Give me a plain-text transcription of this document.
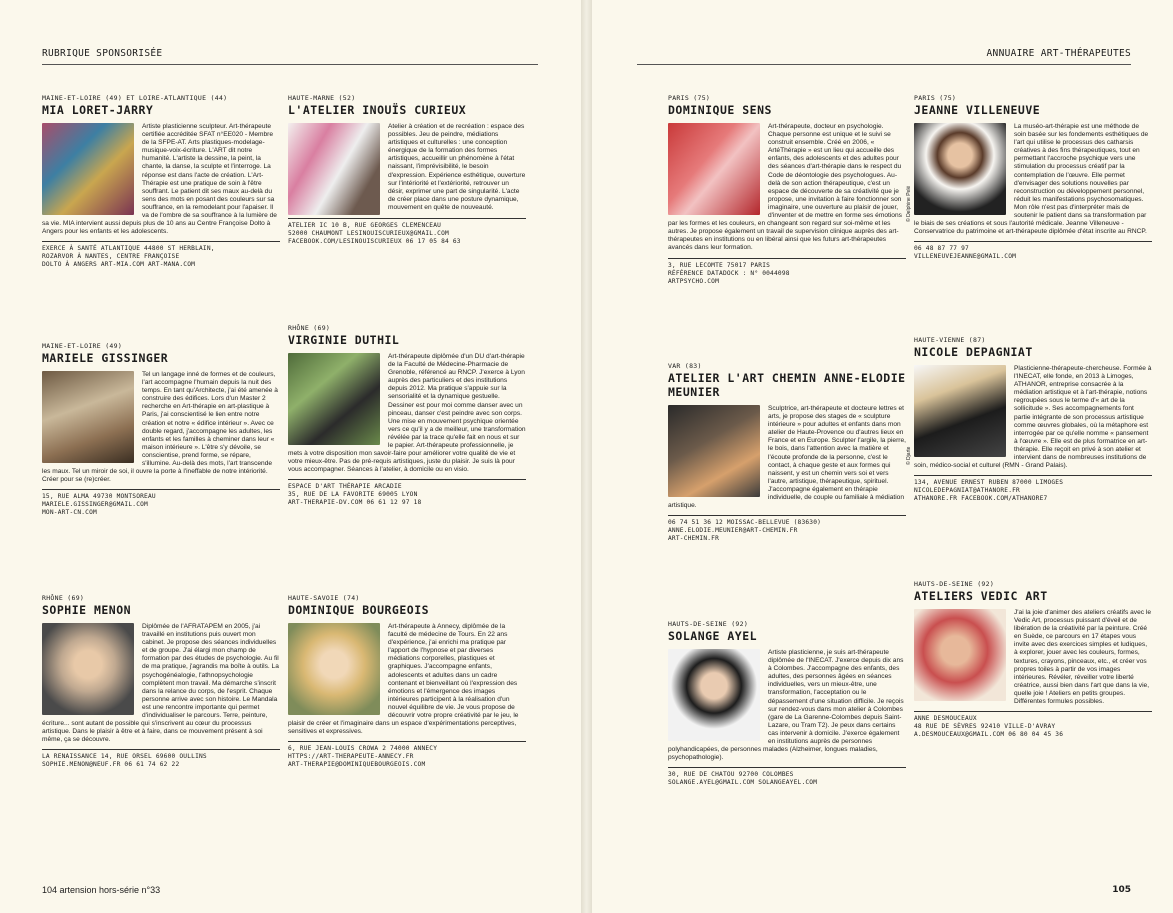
RUBRIQUE SPONSORISÉE
MAINE-ET-LOIRE (49) ET LOIRE-ATLANTIQUE (44)
MIA LORET-JARRY
Artiste plasticienne sculpteur. Art-thérapeute certifiée accréditée SFAT n°EE020 - Membre de la SFPE-AT. Arts plastiques-modelage-musique-voix-écriture. L'ART dit notre humanité. L'artiste la dessine, la peint, la chante, la danse, la sculpte et l'interroge. La réponse est dans l'acte de création. L'Art-Thérapie est une pratique de soin à l'être souffrant. Le patient dit ses maux au-delà du sens des mots en posant des couleurs sur sa souffrance, en la remodelant pour l'apaiser. Il va de l'ombre de sa souffrance à la lumière de sa vie. MIA intervient aussi depuis plus de 10 ans au Centre Françoise Dolto à Angers pour les enfants et les adolescents.
EXERCE À SANTÉ ATLANTIQUE 44800 ST HERBLAIN,
ROZARVOR À NANTES, CENTRE FRANÇOISE
DOLTO À ANGERS ART-MIA.COM ART-MANA.COM
MAINE-ET-LOIRE (49)
MARIELE GISSINGER
Tel un langage inné de formes et de couleurs, l'art accompagne l'humain depuis la nuit des temps. En tant qu'Architecte, j'ai été amenée à construire des édifices. Lors d'un Master 2 recherche en Art-thérapie en art-plastique à Paris, j'ai conscientisé le lien entre notre création et notre « édifice intérieur ». Avec ce double regard, j'accompagne les adultes, les enfants et les familles à cheminer dans leur « maison intérieure ». L'être s'y dévoile, se conscientise, prend forme, se répare, s'illumine. Au-delà des mots, l'art transcende les maux. Tel un miroir de soi, il ouvre la porte à l'ineffable de notre intériorité. Créer pour se (re)créer.
15, RUE ALMA 49730 MONTSOREAU
MARIELE.GISSINGER@GMAIL.COM
MON-ART-CN.COM
RHÔNE (69)
SOPHIE MENON
Diplômée de l'AFRATAPEM en 2005, j'ai travaillé en institutions puis ouvert mon cabinet. Je propose des séances individuelles et de groupe. J'ai élargi mon champ de formation par des études de psychologie. Au fil de ma pratique, j'agrandis ma boîte à outils. La psychogénéalogie, l'athnopsychologie complètent mon travail. Ma démarche s'inscrit dans la relance du corps, de l'esprit. Chaque personne arrive avec son histoire. Le Mandala est une rencontre importante qui permet d'individualiser le parcours. Terre, peinture, écriture... sont autant de possible qui s'inscrivent au cœur du processus artistique. Dans le plaisir à être et à faire, dans ce mouvement présent à soi même, ça se découvre.
LA RENAISSANCE 14, RUE ORSEL 69600 OULLINS
SOPHIE.MENON@NEUF.FR 06 61 74 62 22
HAUTE-MARNE (52)
L'ATELIER INOUÏS CURIEUX
Atelier à création et de recréation : espace des possibles. Jeu de peindre, médiations artistiques et culturelles : une conception énergique de la formation des formes artistiques, accueillir un phénomène à l'état naissant, l'imprévisibilité, le besoin d'expression. Expérience esthétique, ouverture sur l'intériorité et l'extériorité, retrouver un désir, exprimer une part de singularité. L'acte de créer place dans une posture dynamique, mouvement en quête de nouveauté.
ATELIER IC 10 B, RUE GEORGES CLEMENCEAU
52000 CHAUMONT LESINOUISCURIEUX@GMAIL.COM
FACEBOOK.COM/LESINOUISCURIEUX 06 17 05 84 63
RHÔNE (69)
VIRGINIE DUTHIL
Art-thérapeute diplômée d'un DU d'art-thérapie de la Faculté de Médecine-Pharmacie de Grenoble, référencé au RNCP. J'exerce à Lyon auprès des particuliers et des institutions depuis 2012. Ma pratique s'appuie sur la sensorialité et la dynamique gestuelle. Dessiner est pour moi comme danser avec un pinceau, danser c'est peindre avec son corps. Une mise en mouvement psychique orientée vers ce qu'il y a de meilleur, une transformation révélée par la trace qu'elle fait en nous et sur le papier. Art-thérapeute professionnelle, je mets à votre disposition mon savoir-faire pour améliorer votre qualité de vie et votre mieux-être. Pas de pré-requis artistiques, juste du plaisir. Je suis là pour vous accompagner. Séances à l'atelier, à domicile ou en visio.
ESPACE D'ART THÉRAPIE ARCADIE
35, RUE DE LA FAVORITE 69005 LYON
ART-THERAPIE-DV.COM 06 61 12 97 18
HAUTE-SAVOIE (74)
DOMINIQUE BOURGEOIS
Art-thérapeute à Annecy, diplômée de la faculté de médecine de Tours. En 22 ans d'expérience, j'ai enrichi ma pratique par l'apport de l'hypnose et par diverses médiations corporelles, plastiques et graphiques. J'accompagne enfants, adolescents et adultes dans un cadre contenant et bienveillant où l'expression des émotions et l'émergence des images intérieures participent à la réalisation d'un nouvel équilibre de vie. Je vous propose de découvrir votre propre créativité par le jeu, le plaisir de créer et l'imaginaire dans un espace d'expérimentations perceptives, sensitives et expressives.
6, RUE JEAN-LOUIS CROWA 2 74000 ANNECY
HTTPS://ART-THERAPEUTE-ANNECY.FR
ART-THERAPIE@DOMINIQUEBOURGEOIS.COM
104 artension hors-série n°33
ANNUAIRE ART-THÉRAPEUTES
PARIS (75)
DOMINIQUE SENS
Art-thérapeute, docteur en psychologie. Chaque personne est unique et le suivi se construit ensemble. Créé en 2006, « ArtéThérapie » est un lieu qui accueille des enfants, des adolescents et des adultes pour des séances d'art-thérapie dans le respect du Code de déontologie des psychologues. Au-delà de son action thérapeutique, c'est un espace de découverte de sa créativité que je propose, une invitation à faire fonctionner son imaginaire, une ouverture au plaisir de jouer, d'inventer et de mettre en forme ses émotions par les formes et les couleurs, en changeant son regard sur soi-même et les autres. Je propose également un travail de supervision clinique auprès des art-thérapeutes en institutions ou en libéral ainsi que les futurs art-thérapeutes avancés dans leur formation.
3, RUE LECOMTE 75017 PARIS
RÉFÉRENCE DATADOCK : N° 0044098
ARTPSYCHO.COM
VAR (83)
ATELIER L'ART CHEMIN ANNE-ELODIE MEUNIER
Sculptrice, art-thérapeute et docteure lettres et arts, je propose des stages de « sculpture intérieure » pour adultes et enfants dans mon atelier de Haute-Provence ou d'autres lieux en France et en Europe. Sculpter l'argile, la pierre, le bois, dans l'attention avec la matière et l'écoute profonde de la personne, c'est le contact, à chaque geste et aux formes qui naissent, y est un chemin vers soi et vers l'autre, artistique, thérapeutique, spirituel. J'accompagne également en thérapie individuelle, de couple ou familiale à médiation artistique.
06 74 51 36 12 MOISSAC-BELLEVUE (83630)
ANNE.ELODIE.MEUNIER@ART-CHEMIN.FR
ART-CHEMIN.FR
HAUTS-DE-SEINE (92)
SOLANGE AYEL
Artiste plasticienne, je suis art-thérapeute diplômée de l'INECAT. J'exerce depuis dix ans à Colombes. J'accompagne des enfants, des adultes, des personnes âgées en séances individuelles, vers un mieux-être, une transformation, l'acceptation ou le dépassement d'une situation difficile. Je reçois sur rendez-vous dans mon atelier à Colombes (gare de La Garenne-Colombes depuis Saint-Lazare, ou Tram T2). Je peux dans certains cas intervenir à domicile. J'exerce également en institutions auprès de personnes polyhandicapées, de personnes malades (Alzheimer, longues maladies, psychopathologie).
30, RUE DE CHATOU 92700 COLOMBES
SOLANGE.AYEL@GMAIL.COM SOLANGEAYEL.COM
PARIS (75)
JEANNE VILLENEUVE
La muséo-art-thérapie est une méthode de soin basée sur les fondements esthétiques de l'art qui utilise le processus des catharsis créatives à des fins thérapeutiques, tout en permettant l'accroche psychique vers une stimulation du processus créatif par la contemplation de l'œuvre. Elle permet d'envisager des solutions nouvelles par reconstruction ou développement personnel, réduit les manifestations psychosomatiques. Mon rôle n'est pas d'interpréter mais de soutenir le patient dans sa transformation par le biais de ses créations et sous l'autorité médicale. Jeanne Villeneuve - Conservatrice du patrimoine et art-thérapeute diplômée d'état inscrite au RNCP.
06 48 87 77 97
VILLENEUVEJEANNE@GMAIL.COM
HAUTE-VIENNE (87)
NICOLE DEPAGNIAT
Plasticienne-thérapeute-chercheuse. Formée à l'INECAT, elle fonde, en 2013 à Limoges, ATHANOR, entreprise consacrée à la médiation artistique et à l'art-thérapie, notions regroupées sous le terme d'« art de la sollicitude ». Ses accompagnements font partie intégrante de son processus artistique comme œuvres globales, où la métaphore est interrogée par ce qu'elle nomme « pansement à l'œuvre ». Elle est de plus formatrice en art-thérapie. Elle reçoit en privé à son atelier et intervient dans de nombreuses institutions de soin, médico-social et culturel (RMN - Grand Palais).
134, AVENUE ERNEST RUBEN 87000 LIMOGES
NICOLEDEPAGNIAT@ATHANORE.FR
ATHANORE.FR FACEBOOK.COM/ATHANORE7
HAUTS-DE-SEINE (92)
ATELIERS VEDIC ART
J'ai la joie d'animer des ateliers créatifs avec le Vedic Art, processus puissant d'éveil et de libération de la créativité par la peinture. Créé en Suède, ce parcours en 17 étapes vous invite avec des exercices simples et ludiques, à explorer, jouer avec les couleurs, formes, textures, crayons, pinceaux, etc., et créer vos propres toiles à partir de vos images intérieures. Révéler, réveiller votre liberté créatrice, aussi bien dans l'art que dans la vie, quelle joie ! Ateliers en petits groupes. Différentes formules possibles.
ANNE DESMOUCEAUX
48 RUE DE SÈVRES 92410 VILLE-D'AVRAY
A.DESMOUCEAUX@GMAIL.COM 06 80 04 45 36
© Delphine Pelé
© Djarte
105
